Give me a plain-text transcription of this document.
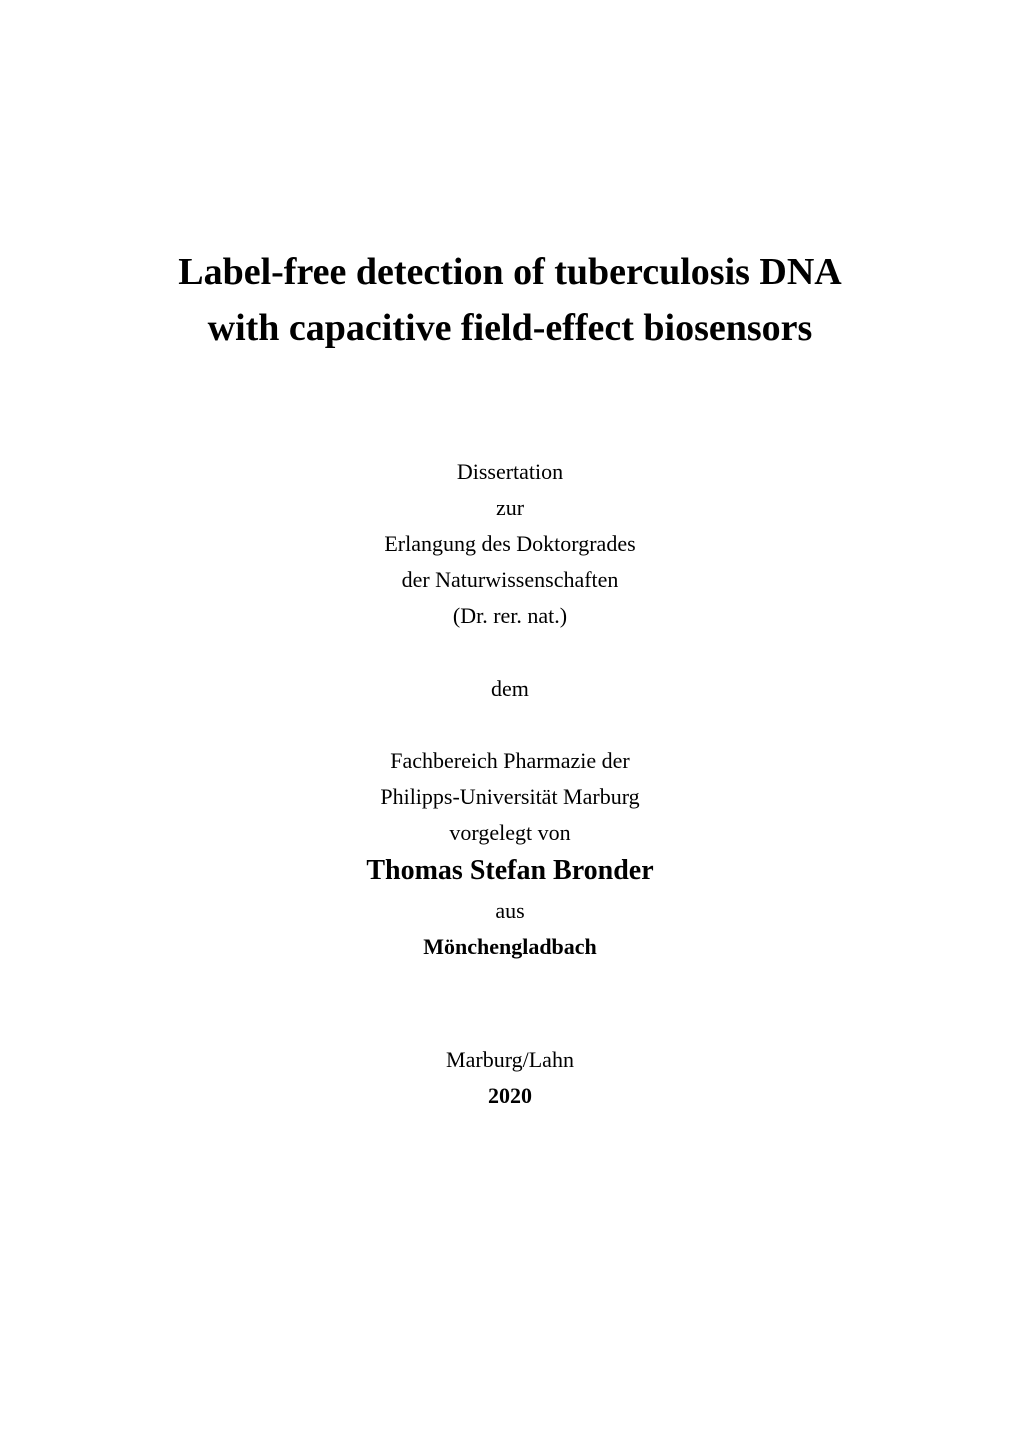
Label-free detection of tuberculosis DNA
with capacitive field-effect biosensors

Dissertation

zur

Erlangung des Doktorgrades

der Naturwissenschaften

(Dr. rer. nat.)

dem

Fachbereich Pharmazie der

Philipps-Universität Marburg

vorgelegt von

Thomas Stefan Bronder

aus

Mönchengladbach

Marburg/Lahn

2020
